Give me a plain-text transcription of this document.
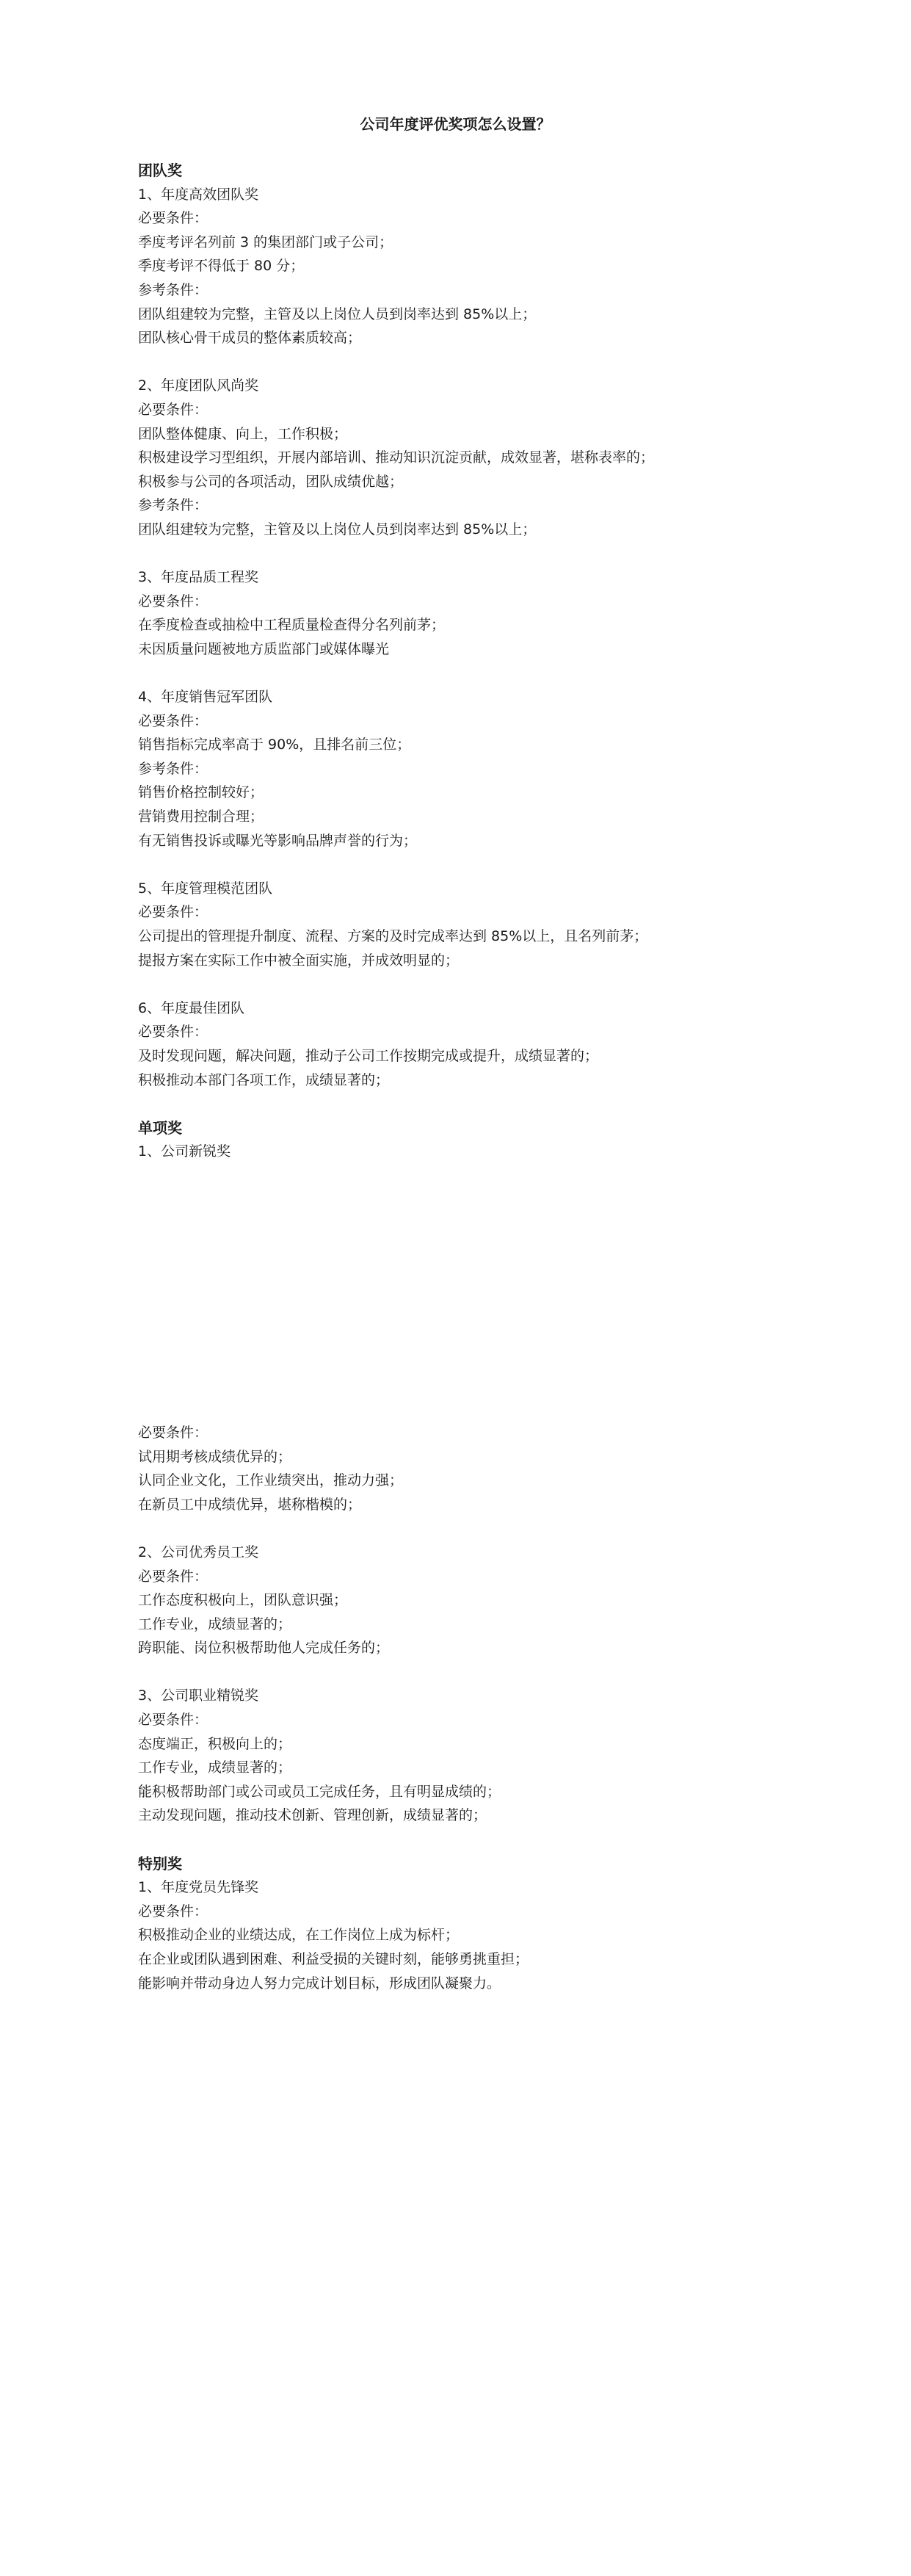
公司年度评优奖项怎么设置？
团队奖
1、年度高效团队奖
必要条件：
季度考评名列前 3 的集团部门或子公司；
季度考评不得低于 80 分；
参考条件：
团队组建较为完整，主管及以上岗位人员到岗率达到 85%以上；
团队核心骨干成员的整体素质较高；
2、年度团队风尚奖
必要条件：
团队整体健康、向上，工作积极；
积极建设学习型组织，开展内部培训、推动知识沉淀贡献，成效显著，堪称表率的；
积极参与公司的各项活动，团队成绩优越；
参考条件：
团队组建较为完整，主管及以上岗位人员到岗率达到 85%以上；
3、年度品质工程奖
必要条件：
在季度检查或抽检中工程质量检查得分名列前茅；
未因质量问题被地方质监部门或媒体曝光
4、年度销售冠军团队
必要条件：
销售指标完成率高于 90%，且排名前三位；
参考条件：
销售价格控制较好；
营销费用控制合理；
有无销售投诉或曝光等影响品牌声誉的行为；
5、年度管理模范团队
必要条件：
公司提出的管理提升制度、流程、方案的及时完成率达到 85%以上，且名列前茅；
提报方案在实际工作中被全面实施，并成效明显的；
6、年度最佳团队
必要条件：
及时发现问题，解决问题，推动子公司工作按期完成或提升，成绩显著的；
积极推动本部门各项工作，成绩显著的；
单项奖
1、公司新锐奖
必要条件：
试用期考核成绩优异的；
认同企业文化，工作业绩突出，推动力强；
在新员工中成绩优异，堪称楷模的；
2、公司优秀员工奖
必要条件：
工作态度积极向上，团队意识强；
工作专业，成绩显著的；
跨职能、岗位积极帮助他人完成任务的；
3、公司职业精锐奖
必要条件：
态度端正，积极向上的；
工作专业，成绩显著的；
能积极帮助部门或公司或员工完成任务，且有明显成绩的；
主动发现问题，推动技术创新、管理创新，成绩显著的；
特别奖
1、年度党员先锋奖
必要条件：
积极推动企业的业绩达成，在工作岗位上成为标杆；
在企业或团队遇到困难、利益受损的关键时刻，能够勇挑重担；
能影响并带动身边人努力完成计划目标，形成团队凝聚力。
